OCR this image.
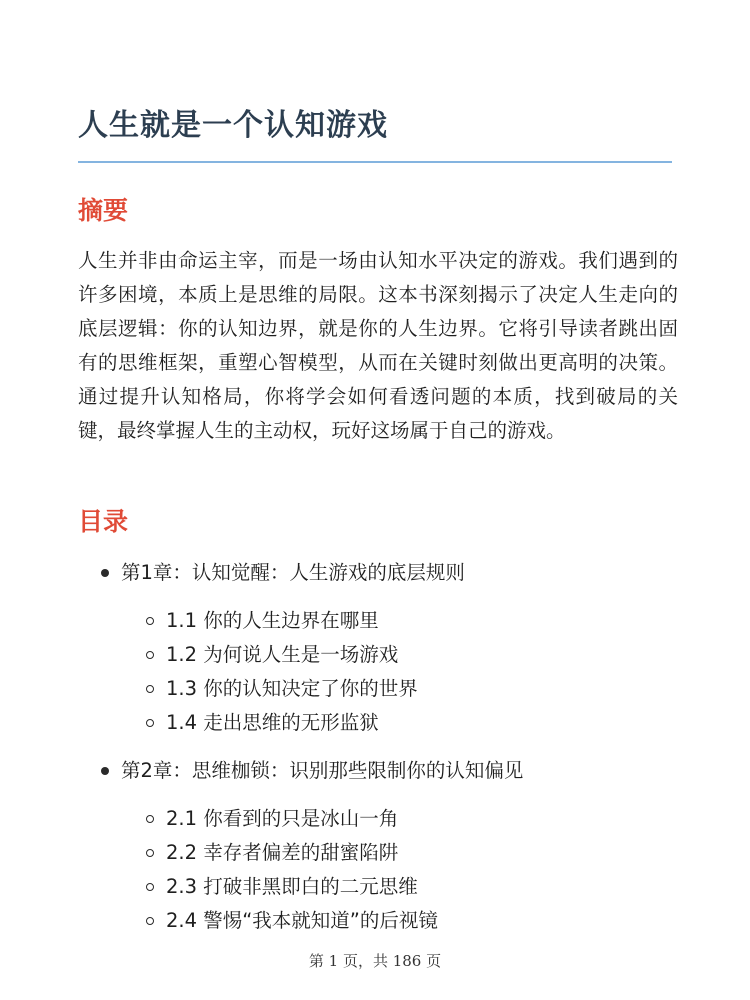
人生就是一个认知游戏
摘要

人生并非由命运主宰，而是一场由认知水平决定的游戏。我们遇到的许多困境，本质上是思维的局限。这本书深刻揭示了决定人生走向的底层逻辑：你的认知边界，就是你的人生边界。它将引导读者跳出固有的思维框架，重塑心智模型，从而在关键时刻做出更高明的决策。通过提升认知格局，你将学会如何看透问题的本质，找到破局的关键，最终掌握人生的主动权，玩好这场属于自己的游戏。

目录
第1章：认知觉醒：人生游戏的底层规则
1.1 你的人生边界在哪里
1.2 为何说人生是一场游戏
1.3 你的认知决定了你的世界
1.4 走出思维的无形监狱
第2章：思维枷锁：识别那些限制你的认知偏见
2.1 你看到的只是冰山一角
2.2 幸存者偏差的甜蜜陷阱
2.3 打破非黑即白的二元思维
2.4 警惕“我本就知道”的后视镜
第 1 页，共 186 页
